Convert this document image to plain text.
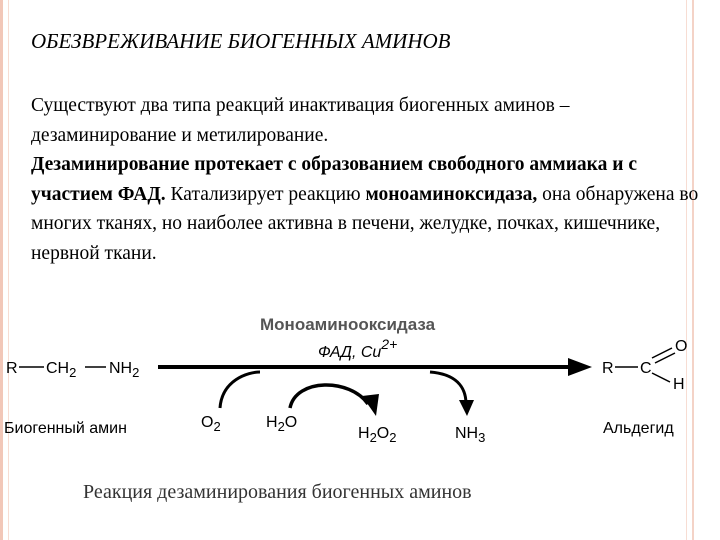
ОБЕЗВРЕЖИВАНИЕ БИОГЕННЫХ АМИНОВ

Существуют два типа реакций инактивация биогенных аминов – дезаминирование и метилирование.

Дезаминирование протекает с образованием свободного аммиака и с участием ФАД. Катализирует реакцию моноаминоксидаза, она обнаружена во многих тканях, но наиболее активна в печени, желудке, почках, кишечнике, нервной ткани.

Моноаминооксидаза
ФАД, Cu2+
R $CH_2$ $NH_2$
Биогенный амин	$O_2$	$H_2O$
$H_2O_2$	$NH_3$
R C
O
H
Альдегид
Реакция дезаминирования биогенных аминов
